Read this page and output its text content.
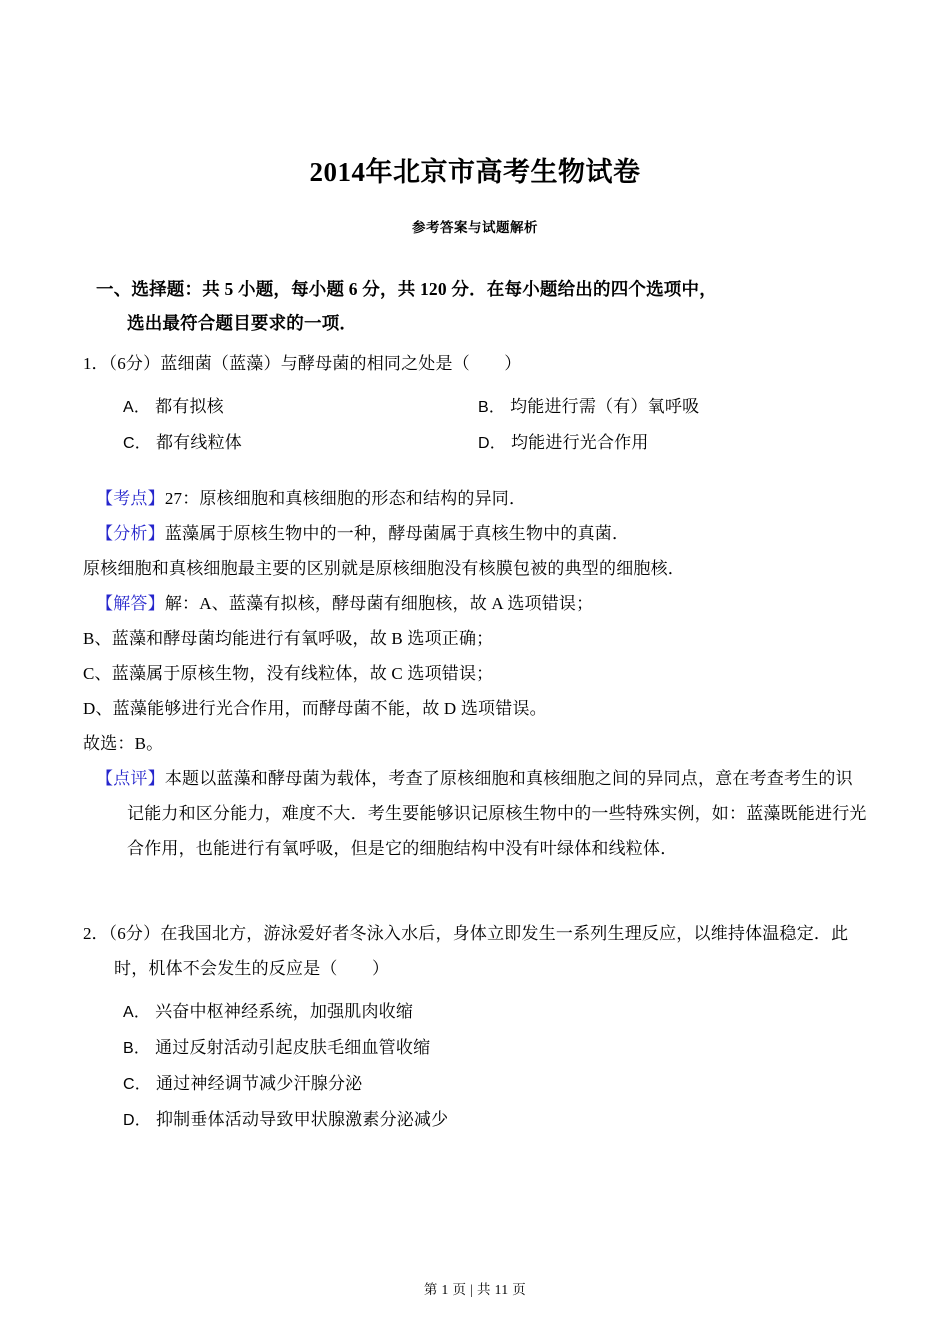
2014年北京市高考生物试卷
参考答案与试题解析
一、选择题：共 5 小题，每小题 6 分，共 120 分．在每小题给出的四个选项中，
选出最符合题目要求的一项．

1．（6分）蓝细菌（蓝藻）与酵母菌的相同之处是（　　）

A． 都有拟核	B． 均能进行需（有）氧呼吸
C． 都有线粒体	D． 均能进行光合作用

【考点】27：原核细胞和真核细胞的形态和结构的异同．

【分析】蓝藻属于原核生物中的一种，酵母菌属于真核生物中的真菌．

原核细胞和真核细胞最主要的区别就是原核细胞没有核膜包被的典型的细胞核．

【解答】解：A、蓝藻有拟核，酵母菌有细胞核，故 A 选项错误；

B、蓝藻和酵母菌均能进行有氧呼吸，故 B 选项正确；

C、蓝藻属于原核生物，没有线粒体，故 C 选项错误；

D、蓝藻能够进行光合作用，而酵母菌不能，故 D 选项错误。

故选：B。

【点评】本题以蓝藻和酵母菌为载体，考查了原核细胞和真核细胞之间的异同点，意在考查考生的识记能力和区分能力，难度不大．考生要能够识记原核生物中的一些特殊实例，如：蓝藻既能进行光合作用，也能进行有氧呼吸，但是它的细胞结构中没有叶绿体和线粒体．

2．（6分）在我国北方，游泳爱好者冬泳入水后，身体立即发生一系列生理反应，以维持体温稳定．此时，机体不会发生的反应是（　　）

A． 兴奋中枢神经系统，加强肌肉收缩
B． 通过反射活动引起皮肤毛细血管收缩
C． 通过神经调节减少汗腺分泌
D． 抑制垂体活动导致甲状腺激素分泌减少
第 1 页 | 共 11 页
